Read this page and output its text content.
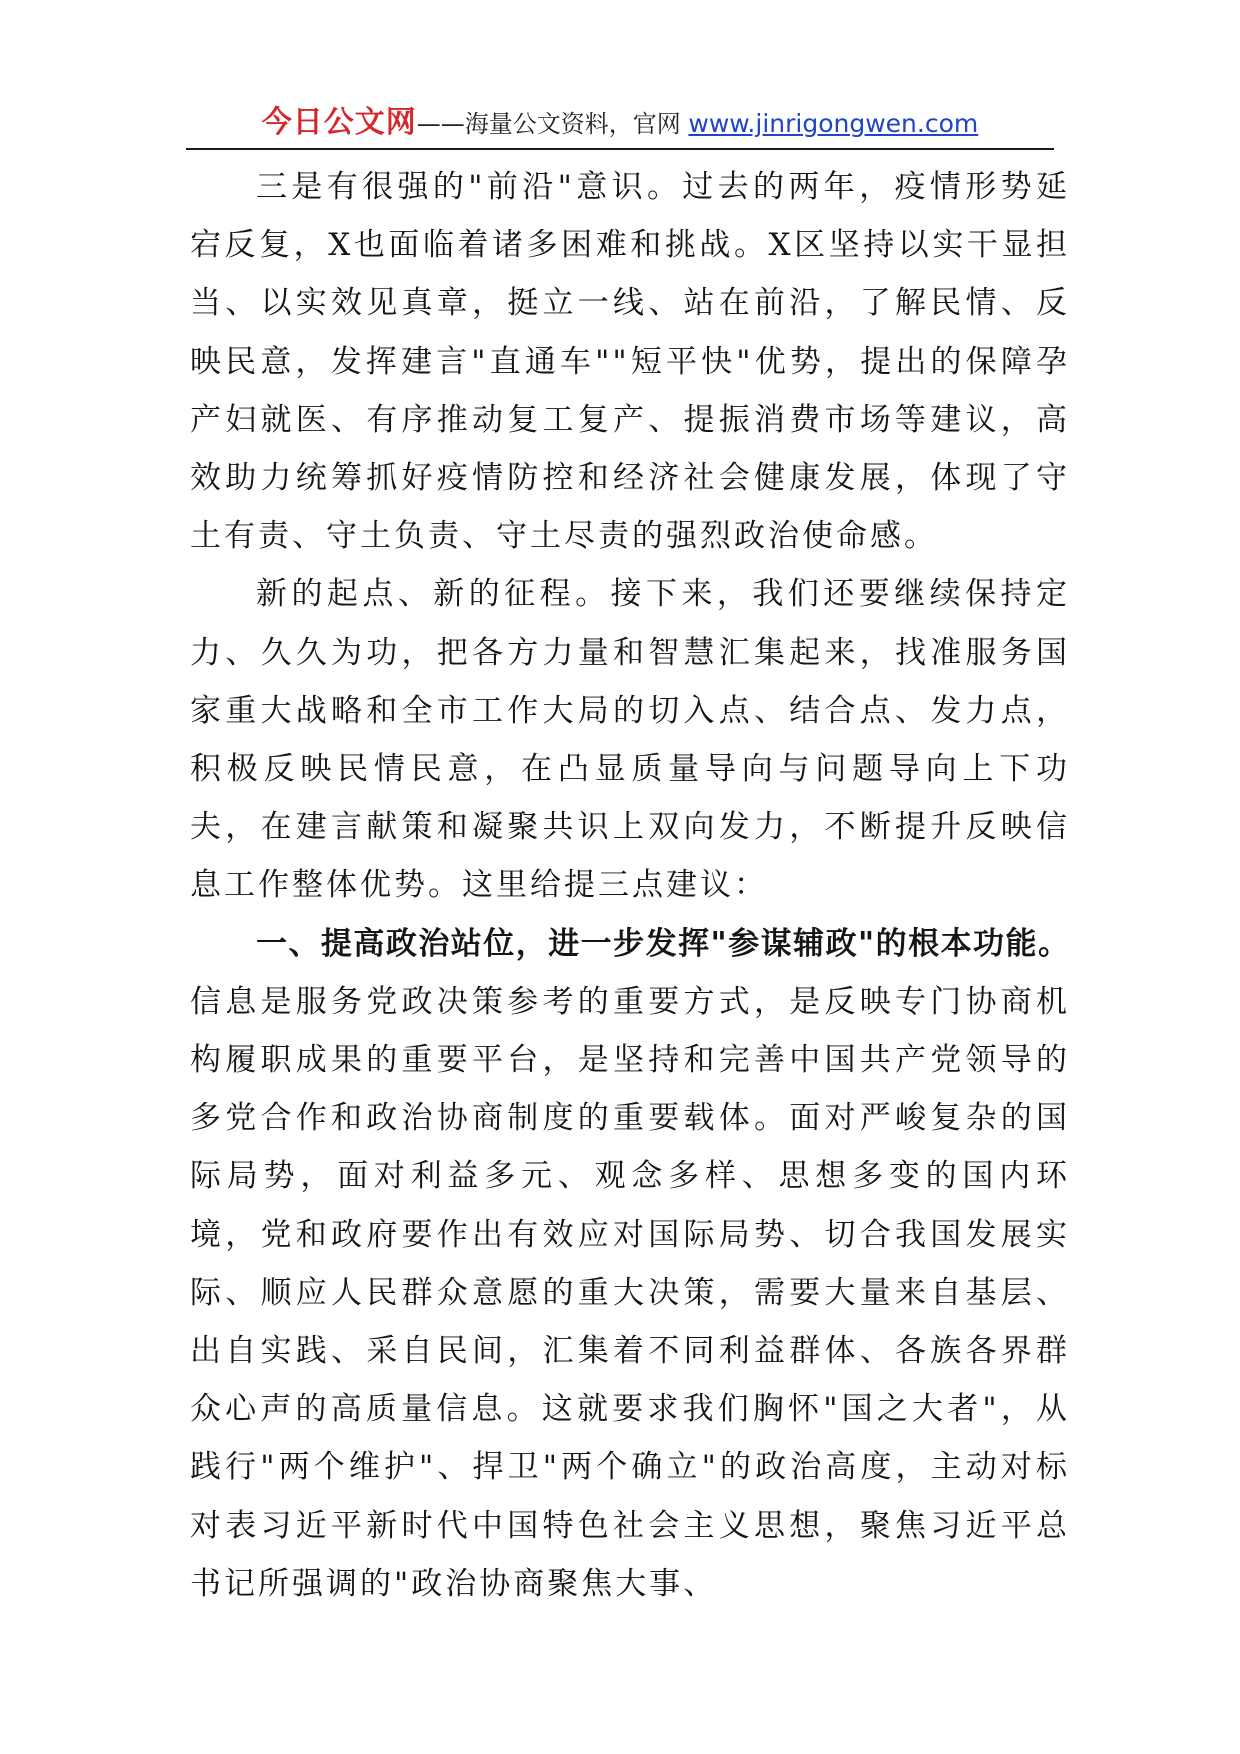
今日公文网——海量公文资料，官网 www.jinrigongwen.com

三是有很强的"前沿"意识。过去的两年，疫情形势延宕反复，X也面临着诸多困难和挑战。X区坚持以实干显担当、以实效见真章，挺立一线、站在前沿，了解民情、反映民意，发挥建言"直通车""短平快"优势，提出的保障孕产妇就医、有序推动复工复产、提振消费市场等建议，高效助力统筹抓好疫情防控和经济社会健康发展，体现了守土有责、守土负责、守土尽责的强烈政治使命感。

新的起点、新的征程。接下来，我们还要继续保持定力、久久为功，把各方力量和智慧汇集起来，找准服务国家重大战略和全市工作大局的切入点、结合点、发力点，积极反映民情民意，在凸显质量导向与问题导向上下功夫，在建言献策和凝聚共识上双向发力，不断提升反映信息工作整体优势。这里给提三点建议：

一、提高政治站位，进一步发挥"参谋辅政"的根本功能。信息是服务党政决策参考的重要方式，是反映专门协商机构履职成果的重要平台，是坚持和完善中国共产党领导的多党合作和政治协商制度的重要载体。面对严峻复杂的国际局势，面对利益多元、观念多样、思想多变的国内环境，党和政府要作出有效应对国际局势、切合我国发展实际、顺应人民群众意愿的重大决策，需要大量来自基层、出自实践、采自民间，汇集着不同利益群体、各族各界群众心声的高质量信息。这就要求我们胸怀"国之大者"，从践行"两个维护"、捍卫"两个确立"的政治高度，主动对标对表习近平新时代中国特色社会主义思想，聚焦习近平总书记所强调的"政治协商聚焦大事、
